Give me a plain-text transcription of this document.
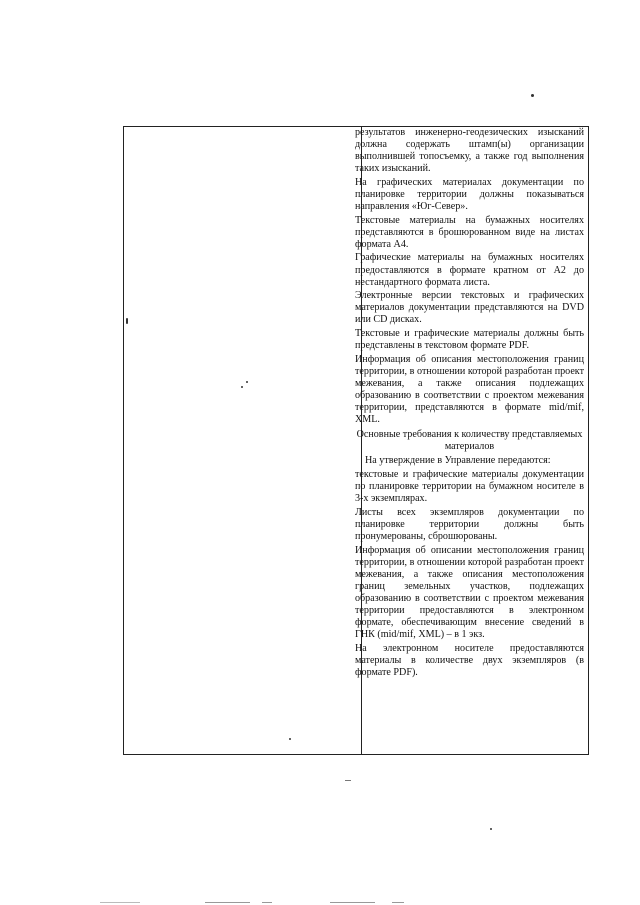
результатов инженерно-геодезических изысканий должна содержать штамп(ы) организации выполнившей топосъемку, а также год выполнения таких изысканий.

На графических материалах документации по планировке территории должны показываться направления «Юг-Север».

Текстовые материалы на бумажных носителях представляются в брошюрованном виде на листах формата А4.

Графические материалы на бумажных носителях предоставляются в формате кратном от А2 до нестандартного формата листа.

Электронные версии текстовых и графических материалов документации представляются на DVD или CD дисках.

Текстовые и графические материалы должны быть представлены в текстовом формате PDF.

Информация об описания местоположения границ территории, в отношении которой разработан проект межевания, а также описания подлежащих образованию в соответствии с проектом межевания территории, представляются в формате mid/mif, XML.

Основные требования к количеству представляемых материалов

На утверждение в Управление передаются:

текстовые и графические материалы документации по планировке территории на бумажном носителе в 3-х экземплярах.

Листы всех экземпляров документации по планировке территории должны быть пронумерованы, сброшюрованы.

Информация об описании местоположения границ территории, в отношении которой разработан проект межевания, а также описания местоположения границ земельных участков, подлежащих образованию в соответствии с проектом межевания территории предоставляются в электронном формате, обеспечивающим внесение сведений в ГНК (mid/mif, XML) – в 1 экз.

На электронном носителе предоставляются материалы в количестве двух экземпляров (в формате PDF).
